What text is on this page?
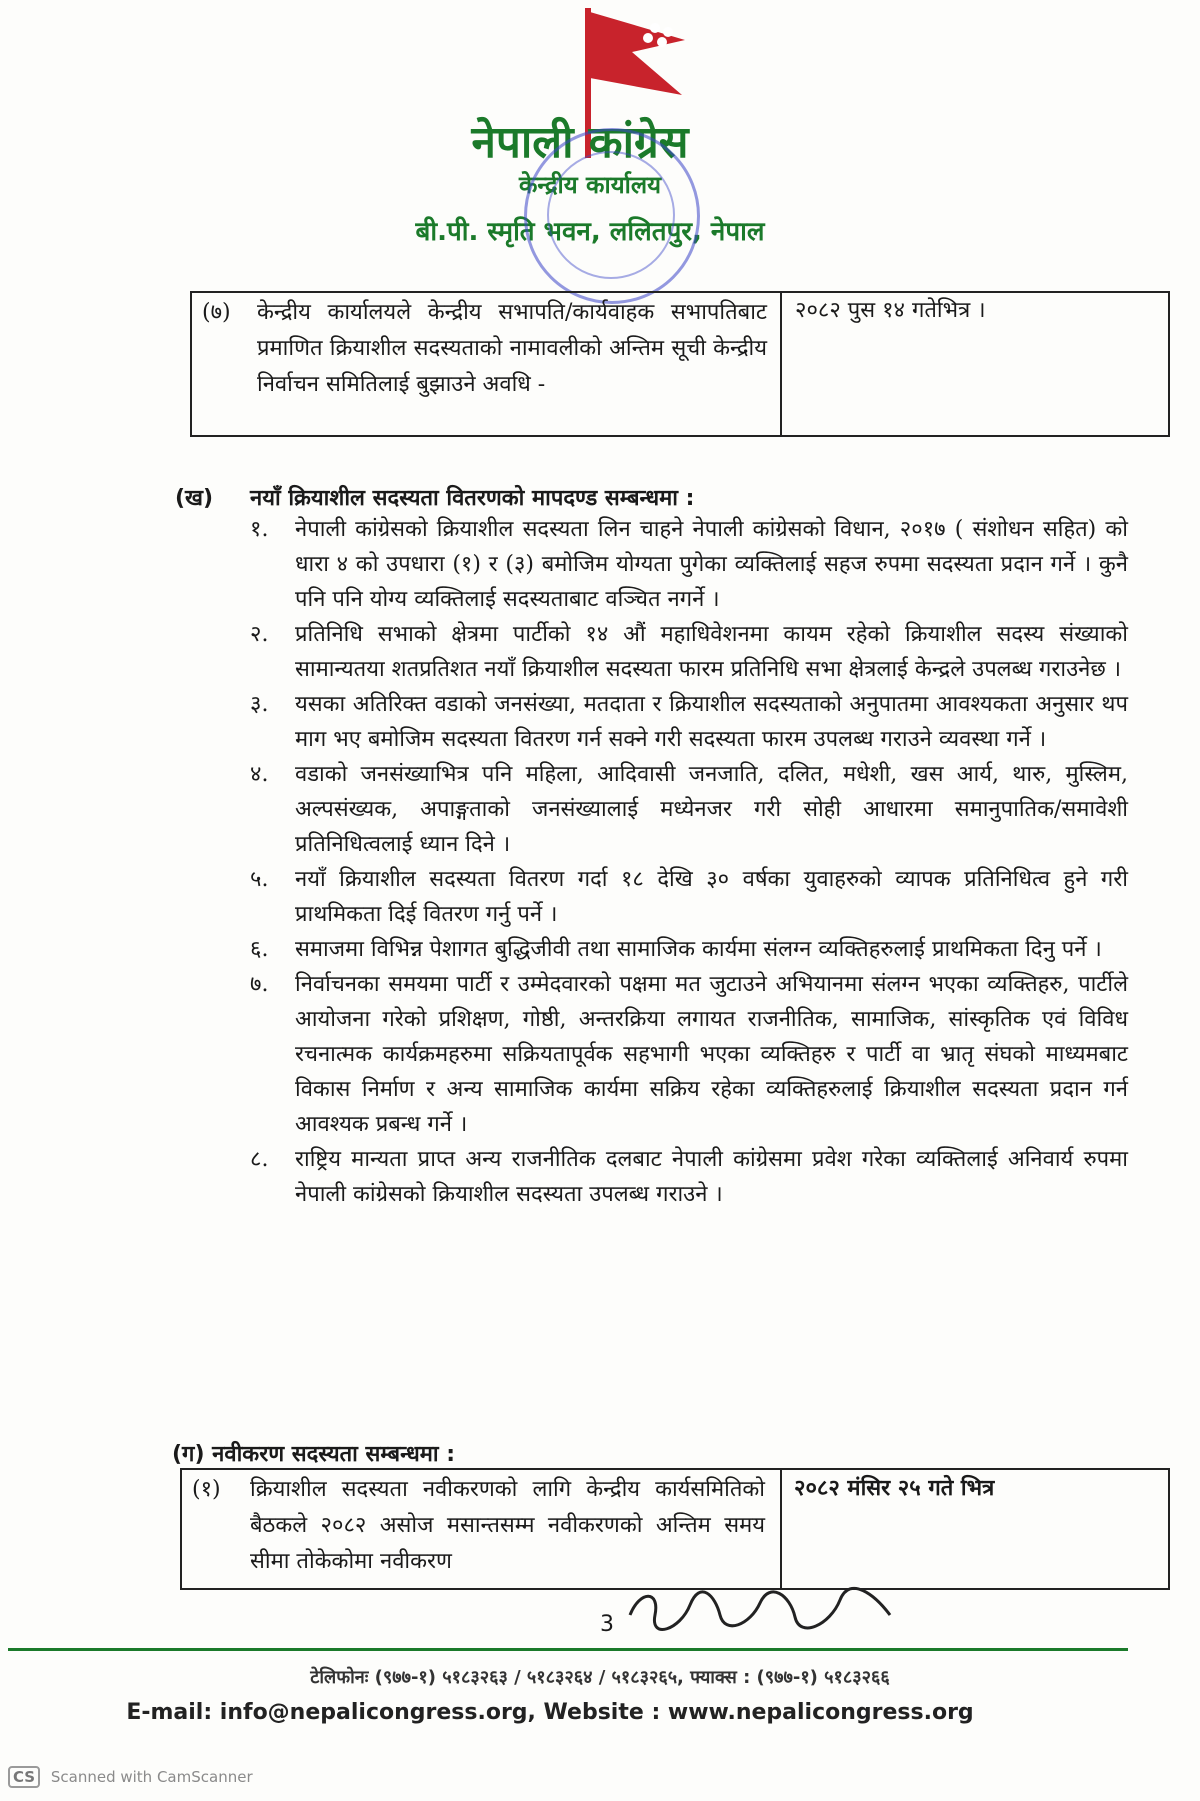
नेपाली कांग्रेस
केन्द्रीय कार्यालय
बी.पी. स्मृति भवन, ललितपुर, नेपाल
(७)	केन्द्रीय कार्यालयले केन्द्रीय सभापति/कार्यवाहक सभापतिबाट प्रमाणित क्रियाशील सदस्यताको नामावलीको अन्तिम सूची केन्द्रीय निर्वाचन समितिलाई बुझाउने अवधि -
२०८२ पुस १४ गतेभित्र ।
(ख) नयाँ क्रियाशील सदस्यता वितरणको मापदण्ड सम्बन्धमा :
१. नेपाली कांग्रेसको क्रियाशील सदस्यता लिन चाहने नेपाली कांग्रेसको विधान, २०१७ ( संशोधन सहित) को धारा ४ को उपधारा (१) र (३) बमोजिम योग्यता पुगेका व्यक्तिलाई सहज रुपमा सदस्यता प्रदान गर्ने । कुनै पनि पनि योग्य व्यक्तिलाई सदस्यताबाट वञ्चित नगर्ने ।
२. प्रतिनिधि सभाको क्षेत्रमा पार्टीको १४ औं महाधिवेशनमा कायम रहेको क्रियाशील सदस्य संख्याको सामान्यतया शतप्रतिशत नयाँ क्रियाशील सदस्यता फारम प्रतिनिधि सभा क्षेत्रलाई केन्द्रले उपलब्ध गराउनेछ ।
३. यसका अतिरिक्त वडाको जनसंख्या, मतदाता र क्रियाशील सदस्यताको अनुपातमा आवश्यकता अनुसार थप माग भए बमोजिम सदस्यता वितरण गर्न सक्ने गरी सदस्यता फारम उपलब्ध गराउने व्यवस्था गर्ने ।
४. वडाको जनसंख्याभित्र पनि महिला, आदिवासी जनजाति, दलित, मधेशी, खस आर्य, थारु, मुस्लिम, अल्पसंख्यक, अपाङ्गताको जनसंख्यालाई मध्येनजर गरी सोही आधारमा समानुपातिक/समावेशी प्रतिनिधित्वलाई ध्यान दिने ।
५. नयाँ क्रियाशील सदस्यता वितरण गर्दा १८ देखि ३० वर्षका युवाहरुको व्यापक प्रतिनिधित्व हुने गरी प्राथमिकता दिई वितरण गर्नु पर्ने ।
६. समाजमा विभिन्न पेशागत बुद्धिजीवी तथा सामाजिक कार्यमा संलग्न व्यक्तिहरुलाई प्राथमिकता दिनु पर्ने ।
७. निर्वाचनका समयमा पार्टी र उम्मेदवारको पक्षमा मत जुटाउने अभियानमा संलग्न भएका व्यक्तिहरु, पार्टीले आयोजना गरेको प्रशिक्षण, गोष्ठी, अन्तरक्रिया लगायत राजनीतिक, सामाजिक, सांस्कृतिक एवं विविध रचनात्मक कार्यक्रमहरुमा सक्रियतापूर्वक सहभागी भएका व्यक्तिहरु र पार्टी वा भ्रातृ संघको माध्यमबाट विकास निर्माण र अन्य सामाजिक कार्यमा सक्रिय रहेका व्यक्तिहरुलाई क्रियाशील सदस्यता प्रदान गर्न आवश्यक प्रबन्ध गर्ने ।
८. राष्ट्रिय मान्यता प्राप्त अन्य राजनीतिक दलबाट नेपाली कांग्रेसमा प्रवेश गरेका व्यक्तिलाई अनिवार्य रुपमा नेपाली कांग्रेसको क्रियाशील सदस्यता उपलब्ध गराउने ।
(ग) नवीकरण सदस्यता सम्बन्धमा :
(१)	क्रियाशील सदस्यता नवीकरणको लागि केन्द्रीय कार्यसमितिको बैठकले २०८२ असोज मसान्तसम्म नवीकरणको अन्तिम समय सीमा तोकेकोमा नवीकरण
२०८२ मंसिर २५ गते भित्र
3
टेलिफोनः (९७७-१) ५१८३२६३ / ५१८३२६४ / ५१८३२६५, फ्याक्स : (९७७-१) ५१८३२६६
E-mail: info@nepalicongress.org, Website : www.nepalicongress.org
CS Scanned with CamScanner
